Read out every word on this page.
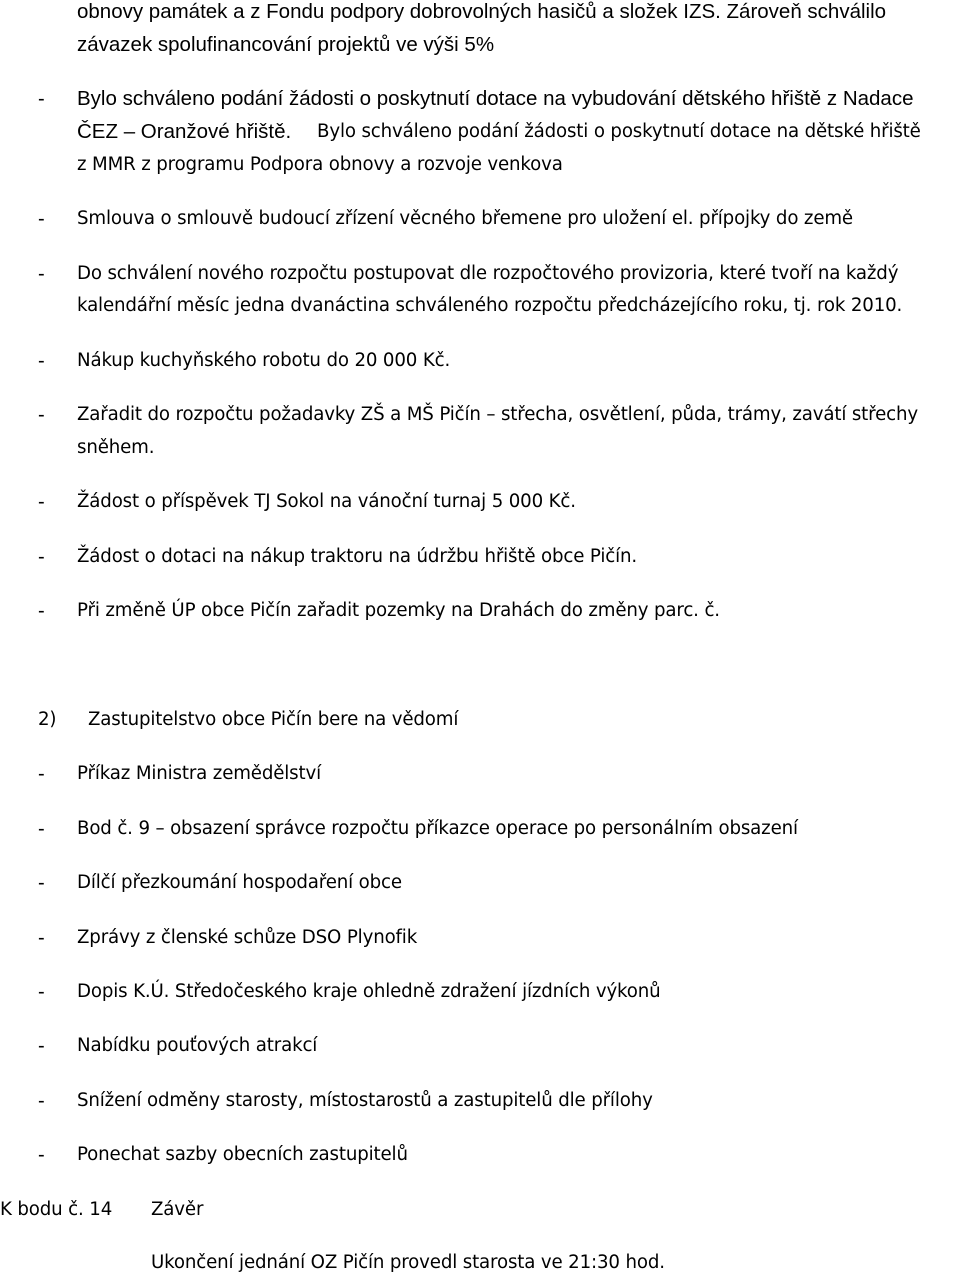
obnovy památek a z Fondu podpory dobrovolných hasičů a složek IZS. Zároveň schválilo
závazek spolufinancování projektů ve výši 5%
- Bylo schváleno podání žádosti o poskytnutí dotace na vybudování dětského hřiště z Nadace
ČEZ – Oranžové hřiště. Bylo schváleno podání žádosti o poskytnutí dotace na dětské hřiště
z MMR z programu Podpora obnovy a rozvoje venkova
- Smlouva o smlouvě budoucí zřízení věcného břemene pro uložení el. přípojky do země
- Do schválení nového rozpočtu postupovat dle rozpočtového provizoria, které tvoří na každý
kalendářní měsíc jedna dvanáctina schváleného rozpočtu předcházejícího roku, tj. rok 2010.
- Nákup kuchyňského robotu do 20 000 Kč.
- Zařadit do rozpočtu požadavky ZŠ a MŠ Pičín – střecha, osvětlení, půda, trámy, zavátí střechy
sněhem.
- Žádost o příspěvek TJ Sokol na vánoční turnaj 5 000 Kč.
- Žádost o dotaci na nákup traktoru na údržbu hřiště obce Pičín.
- Při změně ÚP obce Pičín zařadit pozemky na Drahách do změny parc. č.
2) Zastupitelstvo obce Pičín bere na vědomí
- Příkaz Ministra zemědělství
- Bod č. 9 – obsazení správce rozpočtu příkazce operace po personálním obsazení
- Dílčí přezkoumání hospodaření obce
- Zprávy z členské schůze DSO Plynofik
- Dopis K.Ú. Středočeského kraje ohledně zdražení jízdních výkonů
- Nabídku pouťových atrakcí
- Snížení odměny starosty, místostarostů a zastupitelů dle přílohy
- Ponechat sazby obecních zastupitelů
K bodu č. 14 Závěr
Ukončení jednání OZ Pičín provedl starosta ve 21:30 hod.
